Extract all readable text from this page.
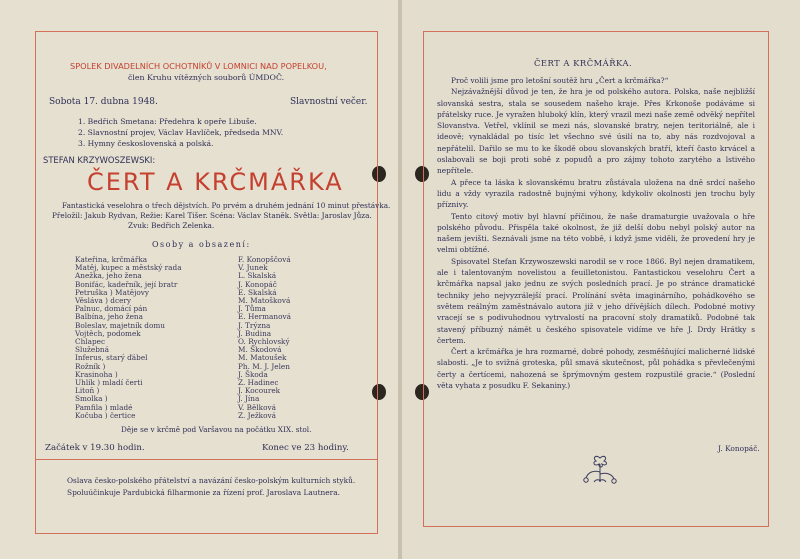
SPOLEK DIVADELNÍCH OCHOTNÍKŮ V LOMNICI NAD POPELKOU,
člen Kruhu vítězných souborů ÚMDOČ.
Sobota 17. dubna 1948.	Slavnostní večer.
1. Bedřich Smetana: Předehra k opeře Libuše.
2. Slavnostní projev, Václav Havlíček, předseda MNV.
3. Hymny československá a polská.
STEFAN KRZYWOSZEWSKI:
ČERT A KRČMÁŘKA
Fantastická veselohra o třech dějstvích. Po prvém a druhém jednání 10 minut přestávka.
Přeložil: Jakub Rydvan, Režie: Karel Tišer. Scéna: Václav Staněk. Světla: Jaroslav Jůza.
Zvuk: Bedřich Zelenka.
Osoby a obsazení:
Kateřina, krčmářka	F. Konopščová
Matěj, kupec a městský rada	V. Junek
Anežka, jeho žena	L. Skalská
Bonifác, kadeřník, její bratr	J. Konopáč
Petruška ) Matějovy	E. Skalská
Věsláva ) dcery	M. Matošková
Palnuc, domácí pán	J. Tůma
Balbína, jeho žena	E. Hermanová
Boleslav, majetník domu	J. Trýzna
Vojtěch, podomek	J. Budina
Chlapec	O. Rychlovský
Služebná	M. Škodová
Inferus, starý ďábel	M. Matoušek
Rožník )	Ph. M. J. Jelen
Krasinoha )	J. Škoda
Uhlík ) mladí čerti	Z. Hadinec
Litoň )	J. Kocourek
Smolka )	J. Jína
Pamfila ) mladé	V. Bělková
Kočuba ) čertice	Z. Ježková
Děje se v krčmě pod Varšavou na počátku XIX. stol.
Začátek v 19.30 hodin.	Konec ve 23 hodiny.
Oslava česko-polského přátelství a navázání česko-polským kulturních styků.
Spoluúčinkuje Pardubická filharmonie za řízení prof. Jaroslava Lautnera.
ČERT A KRČMÁŘKA.

Proč volili jsme pro letošní soutěž hru „Čert a krčmářka?“

Nejzávažnější důvod je ten, že hra je od polského autora. Polska, naše nejbližší slovanská sestra, stala se sousedem našeho kraje. Přes Krkonoše podáváme si přátelsky ruce. Je vyražen hluboký klín, který vrazil mezi naše země odvěký nepřítel Slovanstva. Vetřel, vklínil se mezi nás, slovanské bratry, nejen teritoriálně, ale i ideově; vynakládal po tisíc let všechno své úsilí na to, aby nás rozdvojoval a nepřátelil. Dařilo se mu to ke škodě obou slovanských bratří, kteří často krvácel a oslabovali se boji proti sobě z popudů a pro zájmy tohoto zarytého a lstivého nepřítele.

A přece ta láska k slovanskému bratru zůstávala uložena na dně srdcí našeho lidu a vždy vyrazila radostně bujnými výhony, kdykoliv okolnosti jen trochu byly příznivy.

Tento citový motiv byl hlavní příčinou, že naše dramaturgie uvažovala o hře polského původu. Přispěla také okolnost, že již delší dobu nebyl polský autor na našem jevišti. Seznávali jsme na této vobbě, i když jsme viděli, že provedení hry je velmi obtížné.

Spisovatel Stefan Krzywoszewski narodil se v roce 1866. Byl nejen dramatikem, ale i talentovaným novelistou a feuilletonistou. Fantastickou veselohru Čert a krčmářka napsal jako jednu ze svých posledních prací. Je po stránce dramatické techniky jeho nejvyzrálejší prací. Prolínání světa imaginárního, pohádkového se světem reálným zaměstnávalo autora již v jeho dřívějších dílech. Podobné motivy vracejí se s podivuhodnou vytrvalostí na pracovní stoly dramatiků. Podobné tak stavený příbuzný námět u českého spisovatele vidíme ve hře J. Drdy Hrátky s čertem.

Čert a krčmářka je hra rozmarné, dobré pohody, zesměšňující malicherné lidské slabosti. „Je to svižná groteska, půl smavá skutečnost, půl pohádka s převlečenými čerty a čertícemi, nahozená se šprýmovným gestem rozpustilé gracie.“ (Poslední věta vyhata z posudku F. Sekaniny.)

J. Konopáč.
